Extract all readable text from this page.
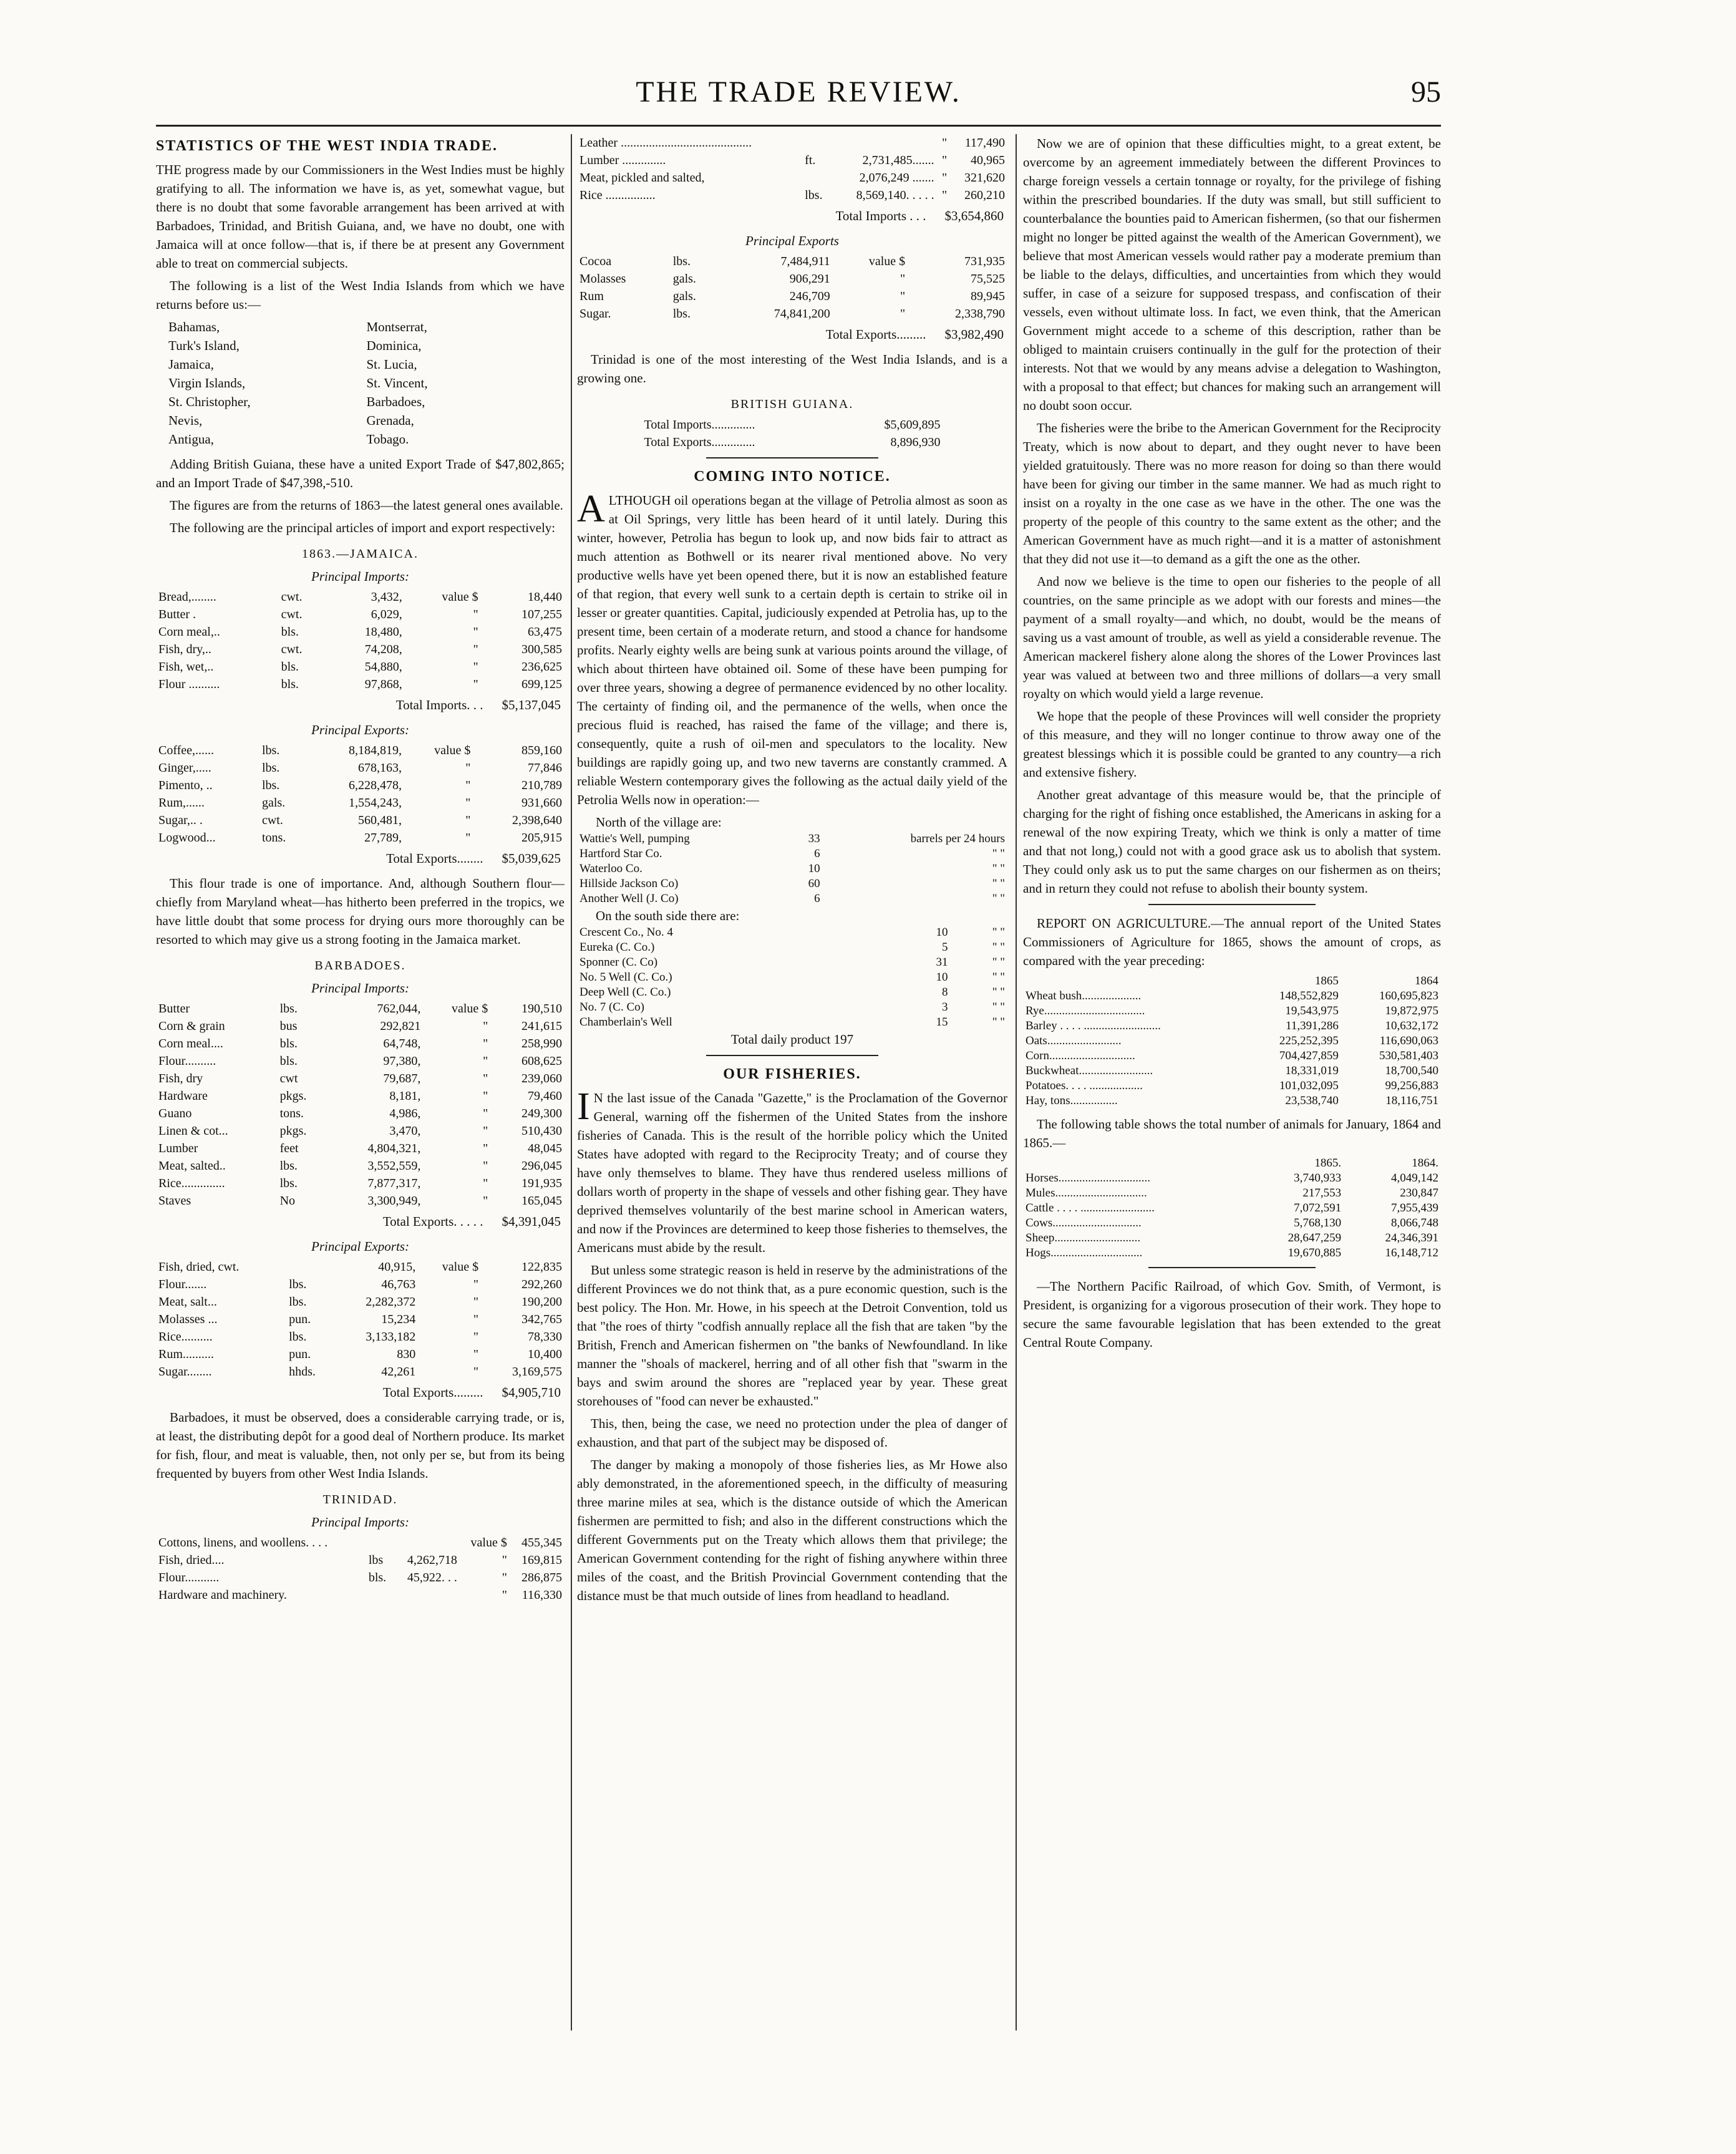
THE TRADE REVIEW.	95
STATISTICS OF THE WEST INDIA TRADE.

THE progress made by our Commissioners in the West Indies must be highly gratifying to all. The information we have is, as yet, somewhat vague, but there is no doubt that some favorable arrangement has been arrived at with Barbadoes, Trinidad, and British Guiana, and, we have no doubt, one with Jamaica will at once follow—that is, if there be at present any Government able to treat on commercial subjects.

The following is a list of the West India Islands from which we have returns before us:—

Bahamas,	Montserrat,
Turk's Island,	Dominica,
Jamaica,	St. Lucia,
Virgin Islands,	St. Vincent,
St. Christopher,	Barbadoes,
Nevis,	Grenada,
Antigua,	Tobago.

Adding British Guiana, these have a united Export Trade of $47,802,865; and an Import Trade of $47,398,-510.

The figures are from the returns of 1863—the latest general ones available.

The following are the principal articles of import and export respectively:

1863.—JAMAICA.
Principal Imports:
Bread,........	cwt.	3,432,	value $	18,440
Butter .	cwt.	6,029,	"	107,255
Corn meal,..	bls.	18,480,	"	63,475
Fish, dry,..	cwt.	74,208,	"	300,585
Fish, wet,..	bls.	54,880,	"	236,625
Flour ..........	bls.	97,868,	"	699,125
Total Imports. . . $5,137,045
Principal Exports:
Coffee,......	lbs.	8,184,819,	value $	859,160
Ginger,.....	lbs.	678,163,	"	77,846
Pimento, ..	lbs.	6,228,478,	"	210,789
Rum,......	gals.	1,554,243,	"	931,660
Sugar,.. .	cwt.	560,481,	"	2,398,640
Logwood...	tons.	27,789,	"	205,915
Total Exports........ $5,039,625

This flour trade is one of importance. And, although Southern flour—chiefly from Maryland wheat—has hitherto been preferred in the tropics, we have little doubt that some process for drying ours more thoroughly can be resorted to which may give us a strong footing in the Jamaica market.

BARBADOES.
Principal Imports:
Butter	lbs.	762,044,	value $	190,510
Corn & grain	bus	292,821	"	241,615
Corn meal....	bls.	64,748,	"	258,990
Flour..........	bls.	97,380,	"	608,625
Fish, dry	cwt	79,687,	"	239,060
Hardware	pkgs.	8,181,	"	79,460
Guano	tons.	4,986,	"	249,300
Linen & cot...	pkgs.	3,470,	"	510,430
Lumber	feet	4,804,321,	"	48,045
Meat, salted..	lbs.	3,552,559,	"	296,045
Rice..............	lbs.	7,877,317,	"	191,935
Staves	No	3,300,949,	"	165,045
Total Exports. . . . . $4,391,045
Principal Exports:
Fish, dried, cwt.		40,915,	value $	122,835
Flour.......	lbs.	46,763	"	292,260
Meat, salt...	lbs.	2,282,372	"	190,200
Molasses ...	pun.	15,234	"	342,765
Rice..........	lbs.	3,133,182	"	78,330
Rum..........	pun.	830	"	10,400
Sugar........	hhds.	42,261	"	3,169,575
Total Exports......... $4,905,710

Barbadoes, it must be observed, does a considerable carrying trade, or is, at least, the distributing depôt for a good deal of Northern produce. Its market for fish, flour, and meat is valuable, then, not only per se, but from its being frequented by buyers from other West India Islands.

TRINIDAD.
Principal Imports:
Cottons, linens, and woollens. . . .			value $	455,345
Fish, dried....	lbs	4,262,718	"	169,815
Flour...........	bls.	45,922. . .	"	286,875
Hardware and machinery.			"	116,330
Leather ..........................................			"	117,490
Lumber ..............	ft.	2,731,485.......	"	40,965
Meat, pickled and salted,		2,076,249 .......	"	321,620
Rice ................	lbs.	8,569,140. . . . .	"	260,210
Total Imports . . . $3,654,860
Principal Exports
Cocoa	lbs.	7,484,911	value $	731,935
Molasses	gals.	906,291	"	75,525
Rum	gals.	246,709	"	89,945
Sugar.	lbs.	74,841,200	"	2,338,790
Total Exports......... $3,982,490

Trinidad is one of the most interesting of the West India Islands, and is a growing one.

BRITISH GUIANA.
Total Imports..............	$5,609,895
Total Exports..............	8,896,930
COMING INTO NOTICE.

ALTHOUGH oil operations began at the village of Petrolia almost as soon as at Oil Springs, very little has been heard of it until lately. During this winter, however, Petrolia has begun to look up, and now bids fair to attract as much attention as Bothwell or its nearer rival mentioned above. No very productive wells have yet been opened there, but it is now an established feature of that region, that every well sunk to a certain depth is certain to strike oil in lesser or greater quantities. Capital, judiciously expended at Petrolia has, up to the present time, been certain of a moderate return, and stood a chance for handsome profits. Nearly eighty wells are being sunk at various points around the village, of which about thirteen have obtained oil. Some of these have been pumping for over three years, showing a degree of permanence evidenced by no other locality. The certainty of finding oil, and the permanence of the wells, when once the precious fluid is reached, has raised the fame of the village; and there is, consequently, quite a rush of oil-men and speculators to the locality. New buildings are rapidly going up, and two new taverns are constantly crammed. A reliable Western contemporary gives the following as the actual daily yield of the Petrolia Wells now in operation:—

North of the village are:
Wattie's Well, pumping	33	barrels per 24 hours
Hartford Star Co.	6	" "
Waterloo Co.	10	" "
Hillside Jackson Co)	60	" "
Another Well (J. Co)	6	" "
On the south side there are:
Crescent Co., No. 4	10	" "
Eureka (C. Co.)	5	" "
Sponner (C. Co)	31	" "
No. 5 Well (C. Co.)	10	" "
Deep Well (C. Co.)	8	" "
No. 7 (C. Co)	3	" "
Chamberlain's Well	15	" "
Total daily product 197
OUR FISHERIES.

I N the last issue of the Canada "Gazette," is the Proclamation of the Governor General, warning off the fishermen of the United States from the inshore fisheries of Canada. This is the result of the horrible policy which the United States have adopted with regard to the Reciprocity Treaty; and of course they have only themselves to blame. They have thus rendered useless millions of dollars worth of property in the shape of vessels and other fishing gear. They have deprived themselves voluntarily of the best marine school in American waters, and now if the Provinces are determined to keep those fisheries to themselves, the Americans must abide by the result.

But unless some strategic reason is held in reserve by the administrations of the different Provinces we do not think that, as a pure economic question, such is the best policy. The Hon. Mr. Howe, in his speech at the Detroit Convention, told us that "the roes of thirty "codfish annually replace all the fish that are taken "by the British, French and American fishermen on "the banks of Newfoundland. In like manner the "shoals of mackerel, herring and of all other fish that "swarm in the bays and swim around the shores are "replaced year by year. These great storehouses of "food can never be exhausted."

This, then, being the case, we need no protection under the plea of danger of exhaustion, and that part of the subject may be disposed of.

The danger by making a monopoly of those fisheries lies, as Mr Howe also ably demonstrated, in the aforementioned speech, in the difficulty of measuring three marine miles at sea, which is the distance outside of which the American fishermen are permitted to fish; and also in the different constructions which the different Governments put on the Treaty which allows them that privilege; the American Government contending for the right of fishing anywhere within three miles of the coast, and the British Provincial Government contending that the distance must be that much outside of lines from headland to headland.

Now we are of opinion that these difficulties might, to a great extent, be overcome by an agreement immediately between the different Provinces to charge foreign vessels a certain tonnage or royalty, for the privilege of fishing within the prescribed boundaries. If the duty was small, but still sufficient to counterbalance the bounties paid to American fishermen, (so that our fishermen might no longer be pitted against the wealth of the American Government), we believe that most American vessels would rather pay a moderate premium than be liable to the delays, difficulties, and uncertainties from which they would suffer, in case of a seizure for supposed trespass, and confiscation of their vessels, even without ultimate loss. In fact, we even think, that the American Government might accede to a scheme of this description, rather than be obliged to maintain cruisers continually in the gulf for the protection of their interests. Not that we would by any means advise a delegation to Washington, with a proposal to that effect; but chances for making such an arrangement will no doubt soon occur.

The fisheries were the bribe to the American Government for the Reciprocity Treaty, which is now about to depart, and they ought never to have been yielded gratuitously. There was no more reason for doing so than there would have been for giving our timber in the same manner. We had as much right to insist on a royalty in the one case as we have in the other. The one was the property of the people of this country to the same extent as the other; and the American Government have as much right—and it is a matter of astonishment that they did not use it—to demand as a gift the one as the other.

And now we believe is the time to open our fisheries to the people of all countries, on the same principle as we adopt with our forests and mines—the payment of a small royalty—and which, no doubt, would be the means of saving us a vast amount of trouble, as well as yield a considerable revenue. The American mackerel fishery alone along the shores of the Lower Provinces last year was valued at between two and three millions of dollars—a very small royalty on which would yield a large revenue.

We hope that the people of these Provinces will well consider the propriety of this measure, and they will no longer continue to throw away one of the greatest blessings which it is possible could be granted to any country—a rich and extensive fishery.

Another great advantage of this measure would be, that the principle of charging for the right of fishing once established, the Americans in asking for a renewal of the now expiring Treaty, which we think is only a matter of time and that not long,) could not with a good grace ask us to abolish that system. They could only ask us to put the same charges on our fishermen as on theirs; and in return they could not refuse to abolish their bounty system.

REPORT ON AGRICULTURE.—The annual report of the United States Commissioners of Agriculture for 1865, shows the amount of crops, as compared with the year preceding:

	1865	1864
Wheat bush....................	148,552,829	160,695,823
Rye..................................	19,543,975	19,872,975
Barley . . . . ..........................	11,391,286	10,632,172
Oats.........................	225,252,395	116,690,063
Corn.............................	704,427,859	530,581,403
Buckwheat.........................	18,331,019	18,700,540
Potatoes. . . . ..................	101,032,095	99,256,883
Hay, tons................	23,538,740	18,116,751

The following table shows the total number of animals for January, 1864 and 1865.—

	1865.	1864.
Horses...............................	3,740,933	4,049,142
Mules...............................	217,553	230,847
Cattle . . . . .........................	7,072,591	7,955,439
Cows..............................	5,768,130	8,066,748
Sheep.............................	28,647,259	24,346,391
Hogs...............................	19,670,885	16,148,712

—The Northern Pacific Railroad, of which Gov. Smith, of Vermont, is President, is organizing for a vigorous prosecution of their work. They hope to secure the same favourable legislation that has been extended to the great Central Route Company.
